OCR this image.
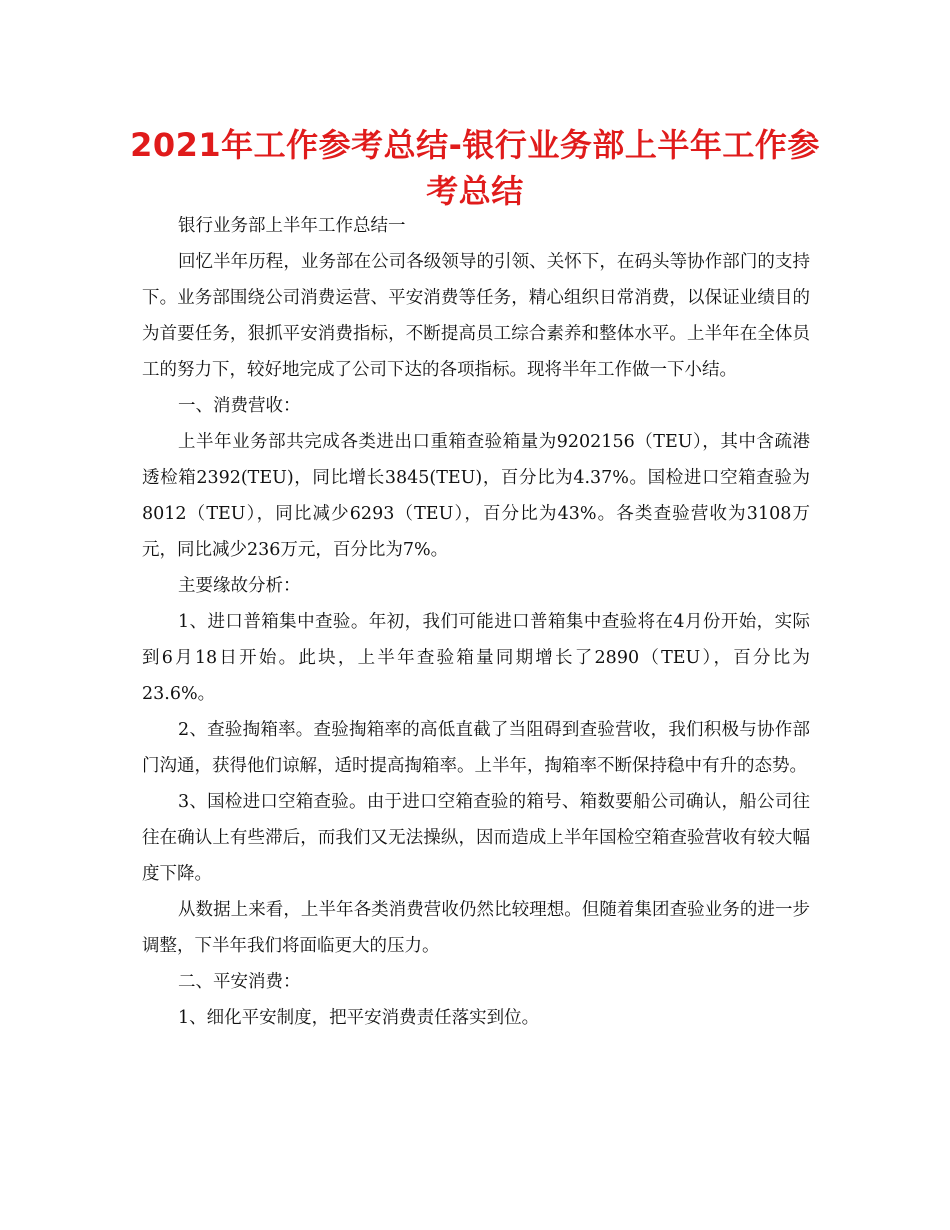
2021年工作参考总结-银行业务部上半年工作参考总结

银行业务部上半年工作总结一

回忆半年历程，业务部在公司各级领导的引领、关怀下，在码头等协作部门的支持下。业务部围绕公司消费运营、平安消费等任务，精心组织日常消费，以保证业绩目的为首要任务，狠抓平安消费指标，不断提高员工综合素养和整体水平。上半年在全体员工的努力下，较好地完成了公司下达的各项指标。现将半年工作做一下小结。

一、消费营收：

上半年业务部共完成各类进出口重箱查验箱量为9202156（TEU），其中含疏港透检箱2392(TEU)，同比增长3845(TEU)，百分比为4.37%。国检进口空箱查验为8012（TEU），同比减少6293（TEU），百分比为43%。各类查验营收为3108万元，同比减少236万元，百分比为7%。

主要缘故分析：

1、进口普箱集中查验。年初，我们可能进口普箱集中查验将在4月份开始，实际到6月18日开始。此块，上半年查验箱量同期增长了2890（TEU），百分比为23.6%。

2、查验掏箱率。查验掏箱率的高低直截了当阻碍到查验营收，我们积极与协作部门沟通，获得他们谅解，适时提高掏箱率。上半年，掏箱率不断保持稳中有升的态势。

3、国检进口空箱查验。由于进口空箱查验的箱号、箱数要船公司确认，船公司往往在确认上有些滞后，而我们又无法操纵，因而造成上半年国检空箱查验营收有较大幅度下降。

从数据上来看，上半年各类消费营收仍然比较理想。但随着集团查验业务的进一步调整，下半年我们将面临更大的压力。

二、平安消费：

1、细化平安制度，把平安消费责任落实到位。
